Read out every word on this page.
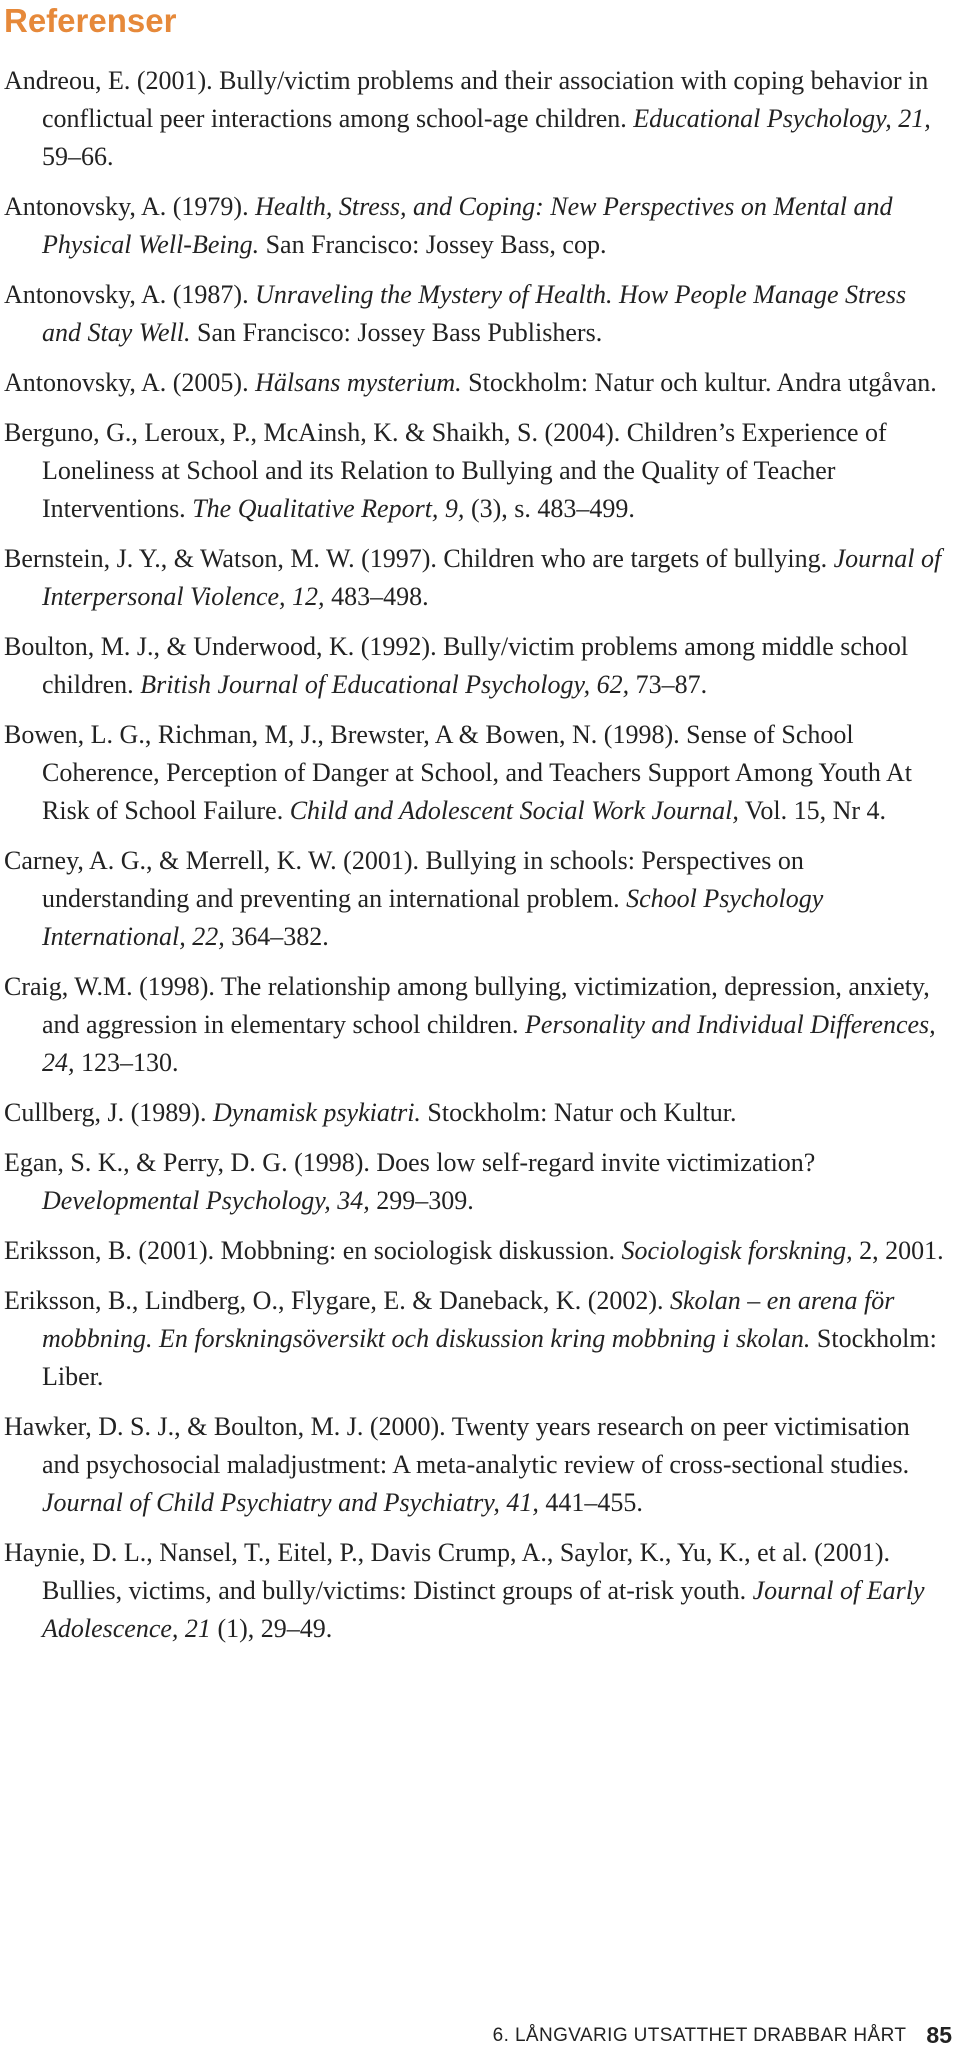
Referenser

Andreou, E. (2001). Bully/victim problems and their association with coping behavior in conflictual peer interactions among school-age children. Educational Psychology, 21, 59–66.

Antonovsky, A. (1979). Health, Stress, and Coping: New Perspectives on Mental and Physical Well-Being. San Francisco: Jossey Bass, cop.

Antonovsky, A. (1987). Unraveling the Mystery of Health. How People Manage Stress and Stay Well. San Francisco: Jossey Bass Publishers.

Antonovsky, A. (2005). Hälsans mysterium. Stockholm: Natur och kultur. Andra utgåvan.

Berguno, G., Leroux, P., McAinsh, K. & Shaikh, S. (2004). Children’s Experience of Loneliness at School and its Relation to Bullying and the Quality of Teacher Interventions. The Qualitative Report, 9, (3), s. 483–499.

Bernstein, J. Y., & Watson, M. W. (1997). Children who are targets of bullying. Journal of Interpersonal Violence, 12, 483–498.

Boulton, M. J., & Underwood, K. (1992). Bully/victim problems among middle school children. British Journal of Educational Psychology, 62, 73–87.

Bowen, L. G., Richman, M, J., Brewster, A & Bowen, N. (1998). Sense of School Coherence, Perception of Danger at School, and Teachers Support Among Youth At Risk of School Failure. Child and Adolescent Social Work Journal, Vol. 15, Nr 4.

Carney, A. G., & Merrell, K. W. (2001). Bullying in schools: Perspectives on understanding and preventing an international problem. School Psychology International, 22, 364–382.

Craig, W.M. (1998). The relationship among bullying, victimization, depression, anxiety, and aggression in elementary school children. Personality and Individual Differences, 24, 123–130.

Cullberg, J. (1989). Dynamisk psykiatri. Stockholm: Natur och Kultur.

Egan, S. K., & Perry, D. G. (1998). Does low self-regard invite victimization? Developmental Psychology, 34, 299–309.

Eriksson, B. (2001). Mobbning: en sociologisk diskussion. Sociologisk forskning, 2, 2001.

Eriksson, B., Lindberg, O., Flygare, E. & Daneback, K. (2002). Skolan – en arena för mobbning. En forskningsöversikt och diskussion kring mobbning i skolan. Stockholm: Liber.

Hawker, D. S. J., & Boulton, M. J. (2000). Twenty years research on peer victimisation and psychosocial maladjustment: A meta-analytic review of cross-sectional studies. Journal of Child Psychiatry and Psychiatry, 41, 441–455.

Haynie, D. L., Nansel, T., Eitel, P., Davis Crump, A., Saylor, K., Yu, K., et al. (2001). Bullies, victims, and bully/victims: Distinct groups of at-risk youth. Journal of Early Adolescence, 21 (1), 29–49.

6. LÅNGVARIG UTSATTHET DRABBAR HÅRT 85
